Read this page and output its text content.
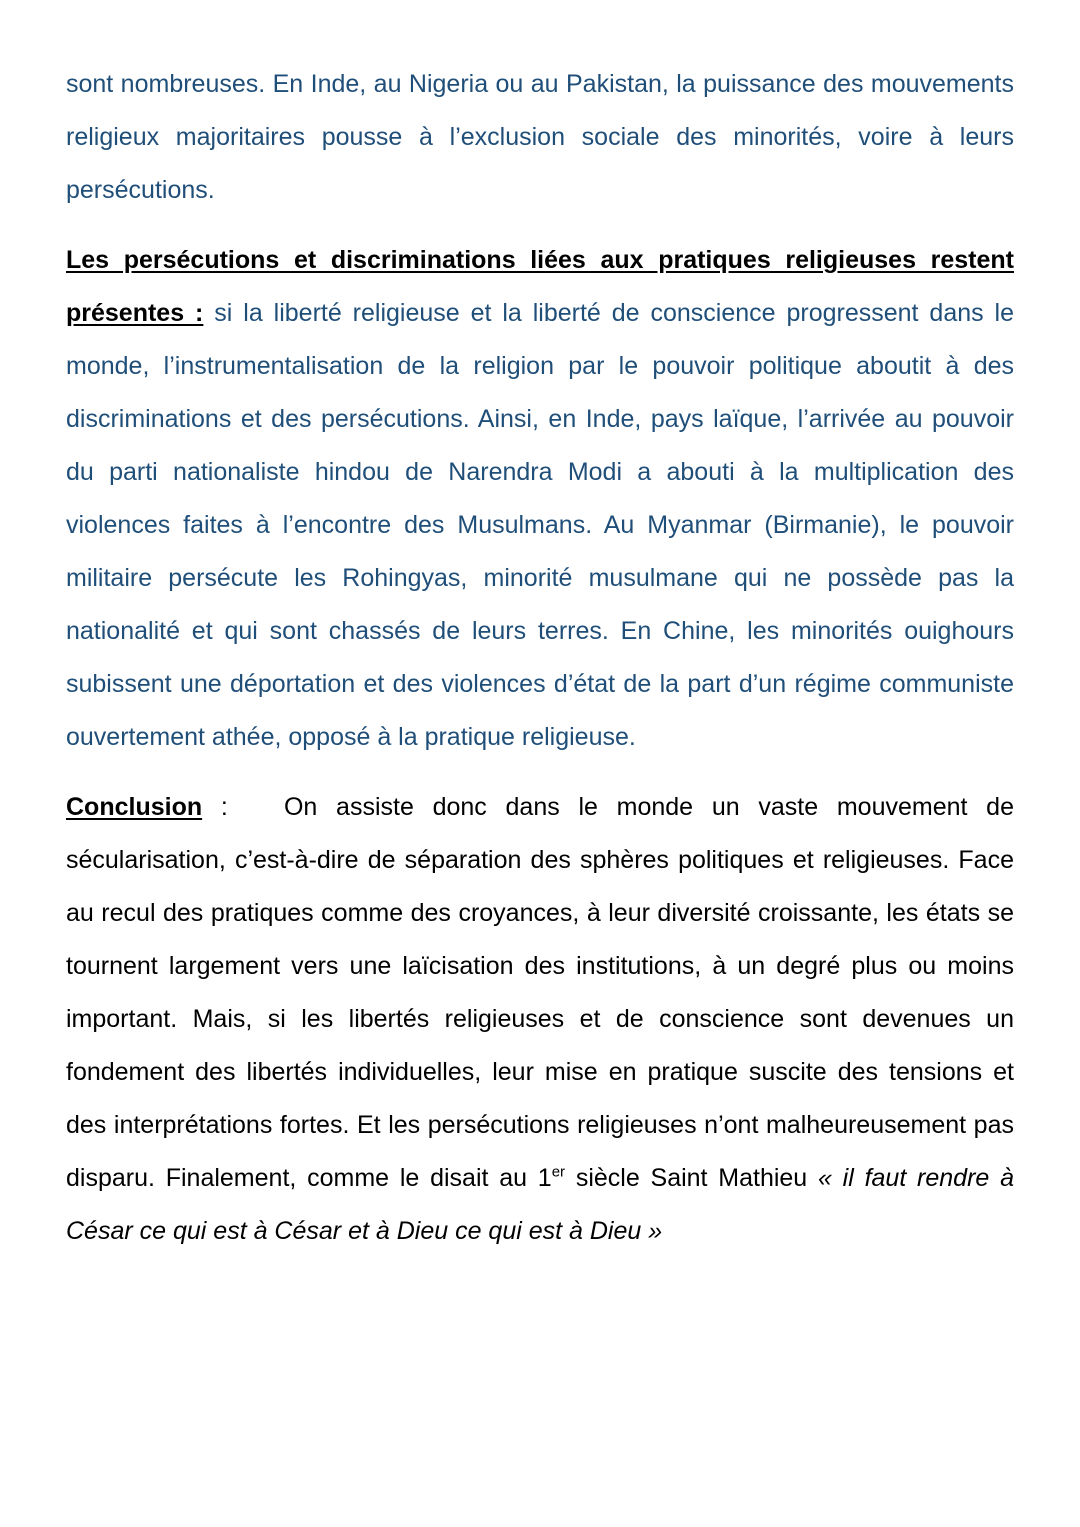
sont nombreuses. En Inde, au Nigeria ou au Pakistan, la puissance des mouvements religieux majoritaires pousse à l’exclusion sociale des minorités, voire à leurs persécutions.

Les persécutions et discriminations liées aux pratiques religieuses restent présentes : si la liberté religieuse et la liberté de conscience progressent dans le monde, l’instrumentalisation de la religion par le pouvoir politique aboutit à des discriminations et des persécutions. Ainsi, en Inde, pays laïque, l’arrivée au pouvoir du parti nationaliste hindou de Narendra Modi a abouti à la multiplication des violences faites à l’encontre des Musulmans. Au Myanmar (Birmanie), le pouvoir militaire persécute les Rohingyas, minorité musulmane qui ne possède pas la nationalité et qui sont chassés de leurs terres. En Chine, les minorités ouighours subissent une déportation et des violences d’état de la part d’un régime communiste ouvertement athée, opposé à la pratique religieuse.

Conclusion :   On assiste donc dans le monde un vaste mouvement de sécularisation, c’est-à-dire de séparation des sphères politiques et religieuses. Face au recul des pratiques comme des croyances, à leur diversité croissante, les états se tournent largement vers une laïcisation des institutions, à un degré plus ou moins important. Mais, si les libertés religieuses et de conscience sont devenues un fondement des libertés individuelles, leur mise en pratique suscite des tensions et des interprétations fortes. Et les persécutions religieuses n’ont malheureusement pas disparu. Finalement, comme le disait au 1er siècle Saint Mathieu « il faut rendre à César ce qui est à César et à Dieu ce qui est à Dieu »
